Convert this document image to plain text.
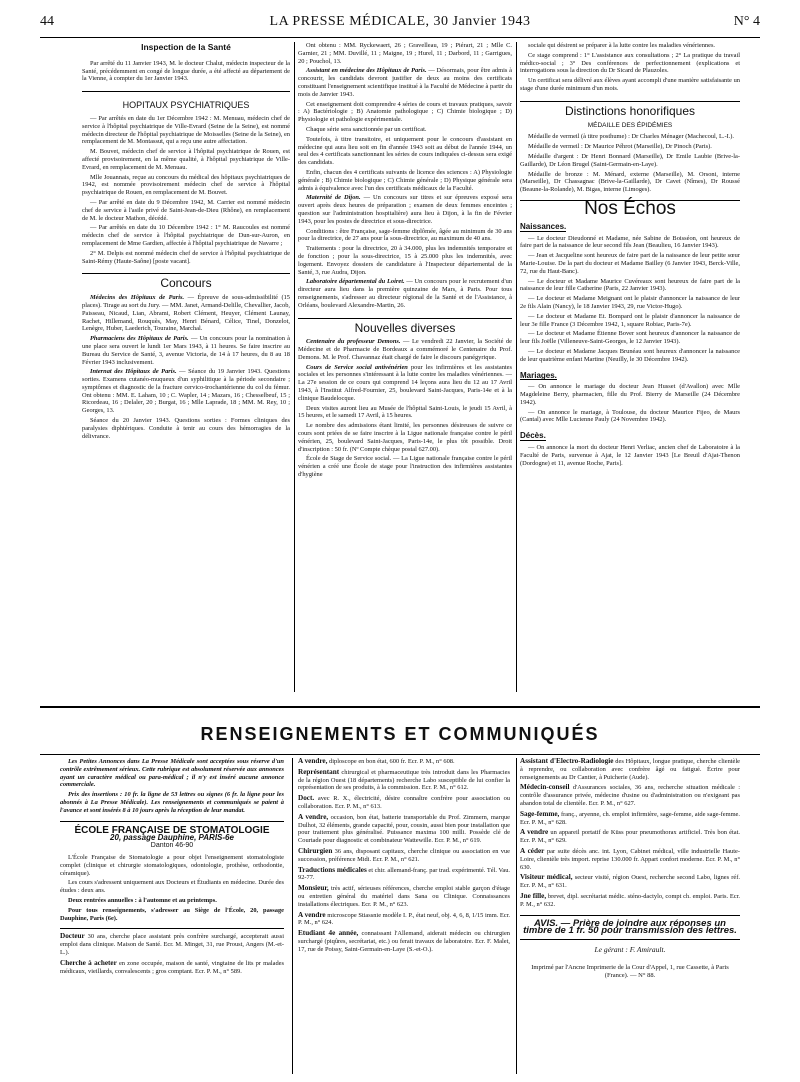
44	LA PRESSE MÉDICALE, 30 Janvier 1943	N° 4
Inspection de la Santé

Par arrêté du 11 Janvier 1943, M. le docteur Chalut, médecin inspecteur de la Santé, précédemment en congé de longue durée, a été affecté au département de la Vienne, à compter du 1er Janvier 1943.

HOPITAUX PSYCHIATRIQUES

— Par arrêtés en date du 1er Décembre 1942 : M. Menuau, médecin chef de service à l'hôpital psychiatrique de Ville-Evrard (Seine de la Seine), est nommé médecin directeur de l'hôpital psychiatrique de Moisselles (Seine de la Seine), en remplacement de M. Montassut, qui a reçu une autre affectation.

M. Bouvet, médecin chef de service à l'hôpital psychiatrique de Rouen, est affecté provisoirement, en la même qualité, à l'hôpital psychiatrique de Ville-Evrard, en remplacement de M. Menuau.

Mlle Jouannais, reçue au concours du médical des hôpitaux psychiatriques de 1942, est nommée provisoirement médecin chef de service à l'hôpital psychiatrique de Rouen, en remplacement de M. Bouvet.

— Par arrêté en date du 9 Décembre 1942, M. Carrier est nommé médecin chef de service à l'asile privé de Saint-Jean-de-Dieu (Rhône), en remplacement de M. le docteur Mathon, décédé.

— Par arrêtés en date du 10 Décembre 1942 : 1° M. Raucoules est nommé médecin chef de service à l'hôpital psychiatrique de Dun-sur-Auron, en remplacement de Mme Gardien, affectée à l'hôpital psychiatrique de Navarre ;

2° M. Delpis est nommé médecin chef de service à l'hôpital psychiatrique de Saint-Rémy (Haute-Saône) [poste vacant].

Concours

Médecins des Hôpitaux de Paris. — Épreuve de sous-admissibilité (15 places). Tirage au sort du Jury. — MM. Janet, Armand-Delille, Chevallier, Jacob, Paisseau, Nicaud, Lian, Abrami, Robert Clément, Heuyer, Clément Launay, Rachet, Hillemand, Rouquès, May, Henri Bénard, Célice, Tinel, Donzelot, Lenègre, Huber, Laederich, Touraine, Marchal.

Pharmaciens des Hôpitaux de Paris. — Un concours pour la nomination à une place sera ouvert le lundi 1er Mars 1943, à 11 heures. Se faire inscrire au Bureau du Service de Santé, 3, avenue Victoria, de 14 à 17 heures, du 8 au 18 Février 1943 inclusivement.

Internat des Hôpitaux de Paris. — Séance du 19 Janvier 1943. Questions sorties. Examens cutanéo-muqueux d'un syphilitique à la période secondaire ; symptômes et diagnostic de la fracture cervico-trochantérienne du col du fémur. Ont obtenu : MM. E. Laham, 10 ; C. Wapler, 14 ; Mazars, 16 ; Chesselbeuf, 15 ; Ricordeau, 16 ; Delaler, 20 ; Burgat, 16 ; Mlle Laprade, 18 ; MM. M. Rey, 10 ; Georges, 13.

Séance du 20 Janvier 1943. Questions sorties : Formes cliniques des paralysies diphtériques. Conduite à tenir au cours des hémorragies de la délivrance.

Ont obtenu : MM. Ryckewaert, 26 ; Gravelleau, 19 ; Piérart, 21 ; Mlle C. Garnier, 21 ; MM. Duvillé, 11 ; Maigne, 19 ; Hurel, 11 ; Darbord, 11 ; Garrigues, 20 ; Pouchol, 13.

Assistant en médecine des Hôpitaux de Paris. — Désormais, pour être admis à concourir, les candidats devront justifier de deux au moins des certificats constituant l'enseignement scientifique institué à la Faculté de Médecine à partir du mois de Janvier 1943.

Cet enseignement doit comprendre 4 séries de cours et travaux pratiques, savoir : A) Bactériologie ; B) Anatomie pathologique ; C) Chimie biologique ; D) Physiologie et pathologie expérimentale.

Chaque série sera sanctionnée par un certificat.

Toutefois, à titre transitoire, et uniquement pour le concours d'assistant en médecine qui aura lieu soit en fin d'année 1943 soit au début de l'année 1944, un seul des 4 certificats sanctionnant les séries de cours indiquées ci-dessus sera exigé des candidats.

Enfin, chacun des 4 certificats suivants de licence des sciences : A) Physiologie générale ; B) Chimie biologique ; C) Chimie générale ; D) Physique générale sera admis à équivalence avec l'un des certificats médicaux de la Faculté.

Maternité de Dijon. — Un concours sur titres et sur épreuves exposé sera ouvert après deux heures de préparation ; examen de deux femmes enceintes ; question sur l'administration hospitalière) aura lieu à Dijon, à la fin de Février 1943, pour les postes de directrice et sous-directrice.

Conditions : être Française, sage-femme diplômée, âgée au minimum de 30 ans pour la directrice, de 27 ans pour la sous-directrice, au maximum de 40 ans.

Traitements : pour la directrice, 20 à 34.000, plus les indemnités temporaire et de fonction ; pour la sous-directrice, 15 à 25.000 plus les indemnités, avec logement. Envoyez dossiers de candidature à l'Inspecteur départemental de la Santé, 3, rue Audra, Dijon.

Laboratoire départemental du Loiret. — Un concours pour le recrutement d'un directeur aura lieu dans la première quinzaine de Mars, à Paris. Pour tous renseignements, s'adresser au directeur régional de la Santé et de l'Assistance, à Orléans, boulevard Alexandre-Martin, 26.

Nouvelles diverses

Centenaire du professeur Demons. — Le vendredi 22 Janvier, la Société de Médecine et de Pharmacie de Bordeaux a commémoré le Centenaire du Prof. Demons. M. le Prof. Chavannaz était chargé de faire le discours panégyrique.

Cours de Service social antivénérien pour les infirmières et les assistantes sociales et les personnes s'intéressant à la lutte contre les maladies vénériennes. — La 27e session de ce cours qui comprend 14 leçons aura lieu du 12 au 17 Avril 1943, à l'Institut Alfred-Fournier, 25, boulevard Saint-Jacques, Paris-14e et à la clinique Baudelocque.

Deux visites auront lieu au Musée de l'hôpital Saint-Louis, le jeudi 15 Avril, à 15 heures, et le samedi 17 Avril, à 15 heures.

Le nombre des admissions étant limité, les personnes désireuses de suivre ce cours sont priées de se faire inscrire à la Ligue nationale française contre le péril vénérien, 25, boulevard Saint-Jacques, Paris-14e, le plus tôt possible. Droit d'inscription : 50 fr. (Nº Compte chèque postal 627.00).

École de Stage de Service social. — La Ligue nationale française contre le péril vénérien a créé une École de stage pour l'instruction des infirmières assistantes d'hygiène

sociale qui désirent se préparer à la lutte contre les maladies vénériennes.

Ce stage comprend : 1° L'assistance aux consultations ; 2° La pratique du travail médico-social ; 3° Des conférences de perfectionnement (explications et interrogations sous la direction du Dr Sicard de Plauzoles.

Un certificat sera délivré aux élèves ayant accompli d'une manière satisfaisante un stage d'une durée minimum d'un mois.

Distinctions honorifiques
MÉDAILLE DES ÉPIDÉMIES

Médaille de vermeil (à titre posthume) : Dr Charles Ménager (Machecoul, L.-I.).

Médaille de vermeil : Dr Maurice Péhrot (Marseille), Dr Pinoch (Paris).

Médaille d'argent : Dr Henri Bonnard (Marseille), Dr Emile Laubie (Brive-la-Gaillarde), Dr Léon Brugel (Saint-Germain-en-Laye).

Médaille de bronze : M. Ménard, externe (Marseille), M. Orsoni, interne (Marseille), Dr Chassagnac (Brive-la-Gaillarde), Dr Cavet (Nîmes), Dr Roussé (Beaune-la-Rolande), M. Bigas, interne (Limoges).

Nos Échos
Naissances.

— Le docteur Dieudonné et Madame, née Sabine de Boisséon, ont heureux de faire part de la naissance de leur second fils Jean (Beaulieu, 16 Janvier 1943).

— Jean et Jacqueline sont heureux de faire part de la naissance de leur petite sœur Marie-Louise. De la part du docteur et Madame Bailley (6 Janvier 1943, Berck-Ville, 72, rue du Haut-Banc).

— Le docteur et Madame Maurice Cuvéreaux sont heureux de faire part de la naissance de leur fille Catherine (Paris, 22 Janvier 1943).

— Le docteur et Madame Meignant ont le plaisir d'annoncer la naissance de leur 2e fils Alain (Nancy), le 18 Janvier 1943, 29, rue Victor-Hugo).

— Le docteur et Madame Et. Bompard ont le plaisir d'annoncer la naissance de leur 3e fille France (3 Décembre 1942, 1, square Robiac, Paris-7e).

— Le docteur et Madame Étienne Bover sont heureux d'annoncer la naissance de leur fils Joëlle (Villeneuve-Saint-Georges, le 12 Janvier 1943).

— Le docteur et Madame Jacques Brunéau sont heureux d'annoncer la naissance de leur quatrième enfant Martine (Neuilly, le 30 Décembre 1942).

Mariages.

— On annonce le mariage du docteur Jean Husset (d'Avallon) avec Mlle Magdeleine Berry, pharmacien, fille du Prof. Bierry de Marseille (24 Décembre 1942).

— On annonce le mariage, à Toulouse, du docteur Maurice Fijeo, de Maurs (Cantal) avec Mlle Lucienne Pauly (24 Novembre 1942).

Décès.

— On annonce la mort du docteur Henri Verliac, ancien chef de Laboratoire à la Faculté de Paris, survenue à Ajat, le 12 Janvier 1943 [Le Breuil d'Ajat-Thenon (Dordogne) et 11, avenue Roche, Paris].

RENSEIGNEMENTS ET COMMUNIQUÉS

Les Petites Annonces dans La Presse Médicale sont acceptées sous réserve d'un contrôle extrêmement sérieux. Cette rubrique est absolument réservée aux annonces ayant un caractère médical ou para-médical ; il n'y est inséré aucune annonce commerciale.

Prix des insertions : 10 fr. la ligne de 53 lettres ou signes (6 fr. la ligne pour les abonnés à La Presse Médicale). Les renseignements et communiqués se paient à l'avance et sont insérés 8 à 10 jours après la réception de leur mandat.

ÉCOLE FRANÇAISE DE STOMATOLOGIE
20, passage Dauphine, PARIS-6e
Danton 46-90

L'École Française de Stomatologie a pour objet l'enseignement stomatologiste complet (clinique et chirurgie stomatologiques, odontologie, prothèse, orthodontie, céramique).

Les cours s'adressent uniquement aux Docteurs et Étudiants en médecine. Durée des études : deux ans.

Deux rentrées annuelles : à l'automne et au printemps.

Pour tous renseignements, s'adresser au Siège de l'École, 20, passage Dauphine, Paris (6e).

Docteur 30 ans, cherche place assistant près confrère surchargé, accepterait aussi emploi dans clinique. Maison de Santé. Ecr. M. Minget, 31, rue Proust, Angers (M.-et-L.).
Cherche à acheter en zone occupée, maison de santé, vingtaine de lits pr malades médicaux, vieillards, convalescents ; gros comptant. Ecr. P. M., n° 589.
A vendre, diploscope en bon état, 600 fr. Ecr. P. M., n° 608.
Représentant chirurgical et pharmaceutique très introduit dans les Pharmacies de la région Ouest (18 départements) recherche Labo susceptible de lui confier la représentation de ses produits, à la commission. Ecr. P. M., n° 612.
Doct. avec R. X., électricité, désire connaître confrère pour association ou collaboration. Ecr. P. M., n° 613.
A vendre, occasion, bon état, batterie transportable du Prof. Zimmern, marque Dulhot, 32 éléments, grande capacité, pour, cousin, aussi bien pour installation que pour traitement plus généralisé. Puissance maxima 100 milli. Possède clé de Courtade pour diagnostic et combinateur Wattewille. Ecr. P. M., n° 619.
Chirurgien 36 ans, disposant capitaux, cherche clinique ou association en vue succession, préférence Midi. Ecr. P. M., n° 621.
Traductions médicales et chir. allemand-franç. par trad. expérimenté. Tél. Vau. 92-77.
Monsieur, très actif, sérieuses références, cherche emploi stable garçon d'étage ou entretien général du matériel dans Sana ou Clinique. Connaissances installations électriques. Ecr. P. M., n° 623.
A vendre microscope Stiassnie modèle I. P., état neuf, obj. 4, 6, 8, 1/15 imm. Ecr. P. M., n° 624.
Etudiant 4e année, connaissant l'Allemand, aiderait médecin ou chirurgien surchargé (piqûres, secrétariat, etc.) ou ferait travaux de laboratoire. Ecr. F. Malet, 17, rue de Poissy, Saint-Germain-en-Laye (S.-et-O.).
Assistant d'Électro-Radiologie des Hôpitaux, longue pratique, cherche clientèle à reprendre, ou collaboration avec confrère âgé ou fatigué. Écrire pour renseignements au Dr Cantier, à Puicherie (Aude).
Médecin-conseil d'Assurances sociales, 36 ans, recherche situation médicale : contrôle d'assurance privée, médecine d'usine ou d'administration ou n'exigeant pas abandon total de clientèle. Ecr. P. M., n° 627.
Sage-femme, franç., aryenne, ch. emploi infirmière, sage-femme, aide sage-femme. Ecr. P. M., n° 628.
A vendre un appareil portatif de Küss pour pneumothorax artificiel. Très bon état. Ecr. P. M., n° 629.
A céder par suite décès anc. int. Lyon, Cabinet médical, ville industrielle Haute-Loire, clientèle très import. reprise 130.000 fr. Appart confort moderne. Ecr. P. M., n° 630.
Visiteur médical, secteur visité, région Ouest, recherche second Labo, lignes réf. Ecr. P. M., n° 631.
Jne fille, brevet, dipl. secrétariat médic. sténo-dactylo, compt ch. emploi. Paris. Ecr. P. M., n° 632.
AVIS. — Prière de joindre aux réponses un timbre de 1 fr. 50 pour transmission des lettres.
Le gérant : F. Amirault.
Imprimé par l'Ancne Imprimerie de la Cour d'Appel, 1, rue Cassette, à Paris (France). — N° 88.
